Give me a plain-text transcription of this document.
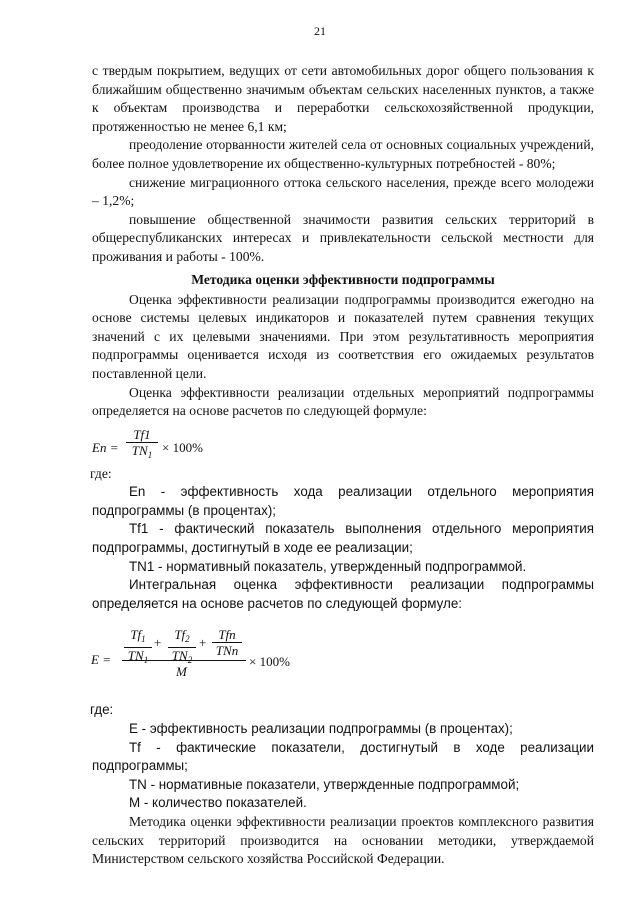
21

с твердым покрытием, ведущих от сети автомобильных дорог общего пользования к ближайшим общественно значимым объектам сельских населенных пунктов, а также к объектам производства и переработки сельскохозяйственной продукции, протяженностью не менее 6,1 км;

преодоление оторванности жителей села от основных социальных учреждений, более полное удовлетворение их общественно-культурных потребностей - 80%;

снижение миграционного оттока сельского населения, прежде всего молодежи – 1,2%;

повышение общественной значимости развития сельских территорий в общереспубликанских интересах и привлекательности сельской местности для проживания и работы - 100%.

Методика оценки эффективности подпрограммы

Оценка эффективности реализации подпрограммы производится ежегодно на основе системы целевых индикаторов и показателей путем сравнения текущих значений с их целевыми значениями. При этом результативность мероприятия подпрограммы оценивается исходя из соответствия его ожидаемых результатов поставленной цели.

Оценка эффективности реализации отдельных мероприятий подпрограммы определяется на основе расчетов по следующей формуле:

$En = \frac{Tf1}{TN_1} \times 100\%$

где:

En - эффективность хода реализации отдельного мероприятия подпрограммы (в процентах);

Tf1 - фактический показатель выполнения отдельного мероприятия подпрограммы, достигнутый в ходе ее реализации;

TN1 - нормативный показатель, утвержденный подпрограммой.

Интегральная оценка эффективности реализации подпрограммы определяется на основе расчетов по следующей формуле:

$E = \frac{Tf_1}{TN_1} + \frac{Tf_2}{TN_2}$ +
Tfn
TNn
M
× 100%

где:

E - эффективность реализации подпрограммы (в процентах);

Tf - фактические показатели, достигнутый в ходе реализации подпрограммы;

TN - нормативные показатели, утвержденные подпрограммой;

M - количество показателей.

Методика оценки эффективности реализации проектов комплексного развития сельских территорий производится на основании методики, утверждаемой Министерством сельского хозяйства Российской Федерации.
